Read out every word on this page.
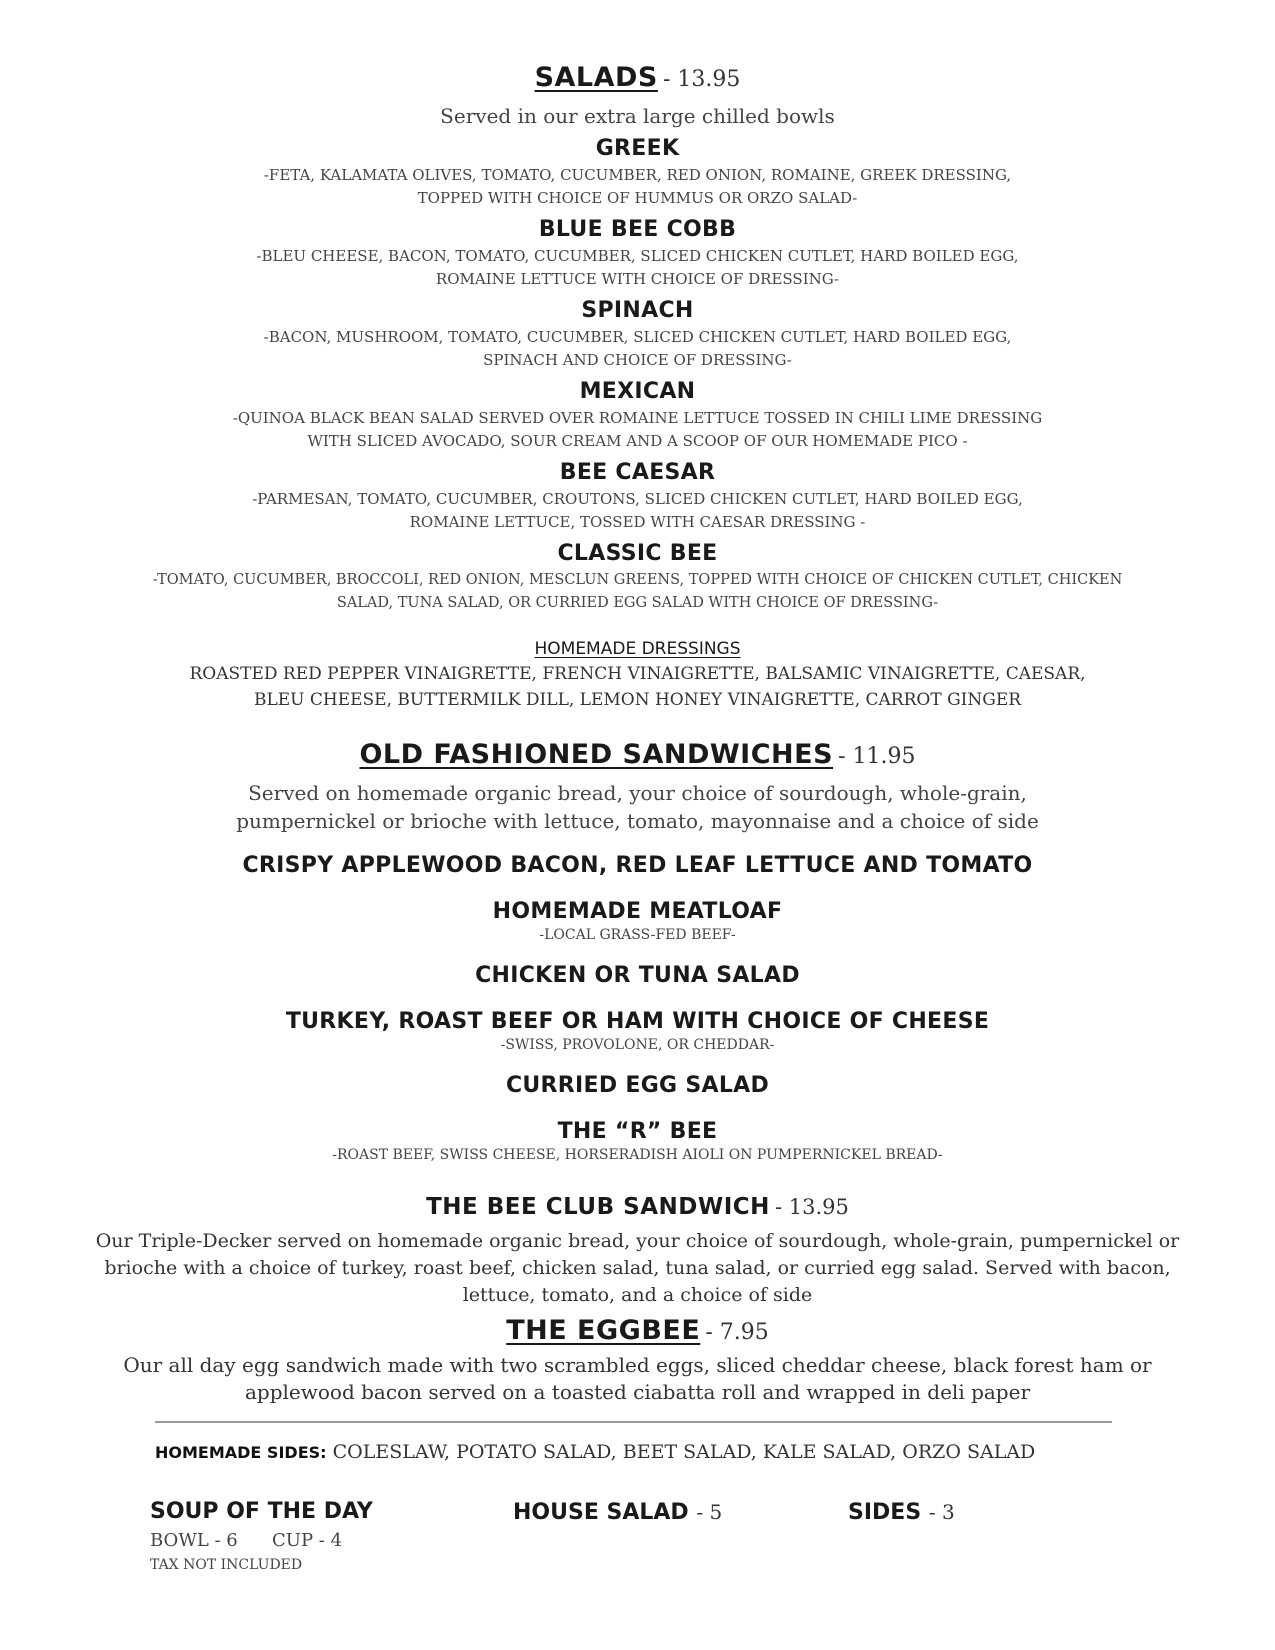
SALADS - 13.95
Served in our extra large chilled bowls
GREEK
-FETA, KALAMATA OLIVES, TOMATO, CUCUMBER, RED ONION, ROMAINE, GREEK DRESSING,
TOPPED WITH CHOICE OF HUMMUS OR ORZO SALAD-
BLUE BEE COBB
-BLEU CHEESE, BACON, TOMATO, CUCUMBER, SLICED CHICKEN CUTLET, HARD BOILED EGG,
ROMAINE LETTUCE WITH CHOICE OF DRESSING-
SPINACH
-BACON, MUSHROOM, TOMATO, CUCUMBER, SLICED CHICKEN CUTLET, HARD BOILED EGG,
SPINACH AND CHOICE OF DRESSING-
MEXICAN
-QUINOA BLACK BEAN SALAD SERVED OVER ROMAINE LETTUCE TOSSED IN CHILI LIME DRESSING
WITH SLICED AVOCADO, SOUR CREAM AND A SCOOP OF OUR HOMEMADE PICO -
BEE CAESAR
-PARMESAN, TOMATO, CUCUMBER, CROUTONS, SLICED CHICKEN CUTLET, HARD BOILED EGG,
ROMAINE LETTUCE, TOSSED WITH CAESAR DRESSING -
CLASSIC BEE
-TOMATO, CUCUMBER, BROCCOLI, RED ONION, MESCLUN GREENS, TOPPED WITH CHOICE OF CHICKEN CUTLET, CHICKEN
SALAD, TUNA SALAD, OR CURRIED EGG SALAD WITH CHOICE OF DRESSING-
HOMEMADE DRESSINGS
ROASTED RED PEPPER VINAIGRETTE, FRENCH VINAIGRETTE, BALSAMIC VINAIGRETTE, CAESAR,
BLEU CHEESE, BUTTERMILK DILL, LEMON HONEY VINAIGRETTE, CARROT GINGER
OLD FASHIONED SANDWICHES - 11.95
Served on homemade organic bread, your choice of sourdough, whole-grain,
pumpernickel or brioche with lettuce, tomato, mayonnaise and a choice of side
CRISPY APPLEWOOD BACON, RED LEAF LETTUCE AND TOMATO
HOMEMADE MEATLOAF
-LOCAL GRASS-FED BEEF-
CHICKEN OR TUNA SALAD
TURKEY, ROAST BEEF OR HAM WITH CHOICE OF CHEESE
-SWISS, PROVOLONE, OR CHEDDAR-
CURRIED EGG SALAD
THE “R” BEE
-ROAST BEEF, SWISS CHEESE, HORSERADISH AIOLI ON PUMPERNICKEL BREAD-
THE BEE CLUB SANDWICH - 13.95
Our Triple-Decker served on homemade organic bread, your choice of sourdough, whole-grain, pumpernickel or
brioche with a choice of turkey, roast beef, chicken salad, tuna salad, or curried egg salad. Served with bacon,
lettuce, tomato, and a choice of side
THE EGGBEE - 7.95
Our all day egg sandwich made with two scrambled eggs, sliced cheddar cheese, black forest ham or
applewood bacon served on a toasted ciabatta roll and wrapped in deli paper
HOMEMADE SIDES: COLESLAW, POTATO SALAD, BEET SALAD, KALE SALAD, ORZO SALAD
SOUP OF THE DAY
BOWL - 6 CUP - 4
HOUSE SALAD - 5	SIDES - 3
TAX NOT INCLUDED
